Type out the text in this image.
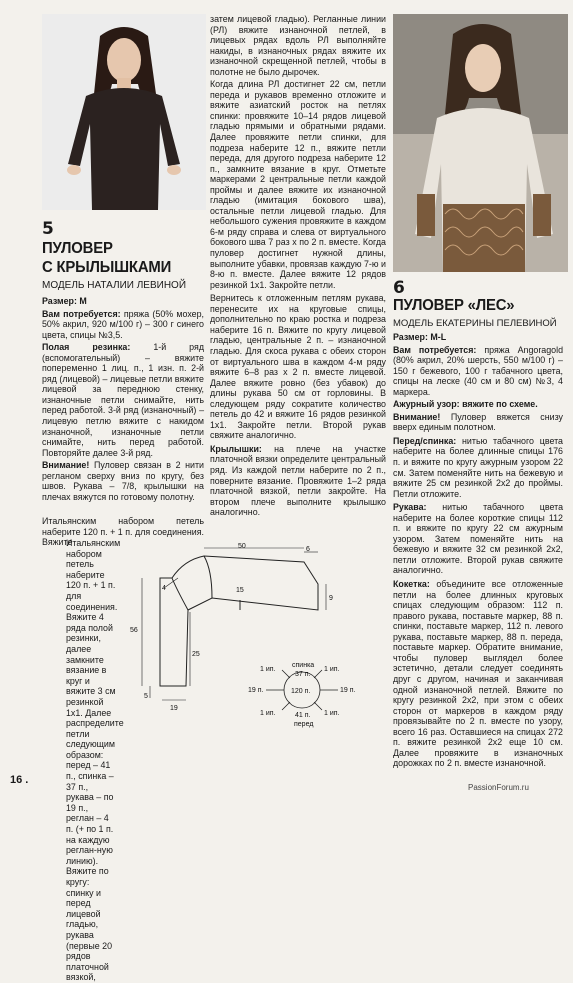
5
ПУЛОВЕР
С КРЫЛЫШКАМИ
МОДЕЛЬ НАТАЛИИ ЛЕВИНОЙ

Размер: М

Вам потребуется: пряжа (50% мохер, 50% акрил, 920 м/100 г) – 300 г синего цвета, спицы №3,5.

Полая резинка:	1-й ряд (вспомогательный) – вяжите попеременно 1 лиц. п., 1 изн. п. 2-й ряд (лицевой) – лицевые петли вяжите лицевой за переднюю стенку, изнаночные петли снимайте, нить перед работой. 3-й ряд (изнаночный) – лицевую петлю вяжите с накидом изнаночной, изнаночные петли снимайте, нить перед работой. Повторяйте далее 3-й ряд.

Внимание! Пуловер связан в 2 нити регланом сверху вниз по кругу, без швов. Рукава – 7/8, крылышки на плечах вяжутся по готовому полотну.

Итальянским набором петель наберите 120 п. + 1 п. для соединения. Вяжите
Итальянским набором петель наберите 120 п. + 1 п. для соединения. Вяжите 4 ряда полой резинки, далее замкните вязание в круг и вяжите 3 см резинкой 1х1. Далее распределите петли следующим образом: перед – 41 п., спинка – 37 п., рукава – по 19 п., реглан – 4 п. (+ по 1 п. на каждую реглан-ную линию). Вяжите по кругу: спинку и перед лицевой гладью, рукава (первые 20 рядов платочной вязкой,

затем лицевой гладью). Регланные линии (РЛ) вяжите изнаночной петлей, в лицевых рядах вдоль РЛ выполняйте накиды, в изнаночных рядах вяжите их изнаночной скрещенной петлей, чтобы в полотне не было дырочек.

Когда длина РЛ достигнет 22 см, петли переда и рукавов временно отложите и вяжите азиатский росток на петлях спинки: провяжите 10–14 рядов лицевой гладью прямыми и обратными рядами. Далее провяжите петли спинки, для подреза наберите 12 п., вяжите петли переда, для другого подреза наберите 12 п., замкните вязание в круг. Отметьте маркерами 2 центральные петли каждой проймы и далее вяжите их изнаночной гладью (имитация бокового шва), остальные петли лицевой гладью. Для небольшого сужения провяжите в каждом 6-м ряду справа и слева от виртуального бокового шва 7 раз х по 2 п. вместе. Когда пуловер достигнет нужной длины, выполните убавки, провязав каждую 7-ю и 8-ю п. вместе. Далее вяжите 12 рядов резинкой 1х1. Закройте петли.

Вернитесь к отложенным петлям рукава, перенесите их на круговые спицы, дополнительно по краю ростка и подреза наберите 16 п. Вяжите по кругу лицевой гладью, центральные 2 п. – изнаночной гладью. Для скоса рукава с обеих сторон от виртуального шва в каждом 4-м ряду вяжите 6–8 раз х 2 п. вместе лицевой. Далее вяжите ровно (без убавок) до длины рукава 50 см от горловины. В следующем ряду сократите количество петель до 42 и вяжите 16 рядов резинкой 1х1. Закройте петли. Второй рукав свяжите аналогично.

Крылышки: на плече на участке платочной вязки определите центральный ряд. Из каждой петли наберите по 2 п., поверните вязание. Провяжите 1–2 ряда платочной вязкой, петли закройте. На втором плече выполните крылышко аналогично.

50	6
4	15
9
56
25
5
19
спинка
37 п.
120 п.
41 п.
перед
1 ип.	1 ип.
1 ип.	1 ип.
19 п.	19 п.
6
ПУЛОВЕР «ЛЕС»
МОДЕЛЬ ЕКАТЕРИНЫ ПЕЛЕВИНОЙ

Размер: M-L

Вам потребуется: пряжа Angoragold (80% акрил, 20% шерсть, 550 м/100 г) – 150 г бежевого, 100 г табачного цвета, спицы на леске (40 см и 80 см) №3, 4 маркера.

Ажурный узор: вяжите по схеме.

Внимание! Пуловер вяжется снизу вверх единым полотном.

Перед/спинка: нитью табачного цвета наберите на более длинные спицы 176 п. и вяжите по кругу ажурным узором 22 см. Затем поменяйте нить на бежевую и вяжите 25 см резинкой 2х2 до проймы. Петли отложите.

Рукава: нитью табачного цвета наберите на более короткие спицы 112 п. и вяжите по кругу 22 см ажурным узором. Затем поменяйте нить на бежевую и вяжите 32 см резинкой 2х2, петли отложите. Второй рукав свяжите аналогично.

Кокетка: объедините все отложенные петли на более длинных круговых спицах следующим образом: 112 п. правого рукава, поставьте маркер, 88 п. спинки, поставьте маркер, 112 п. левого рукава, поставьте маркер, 88 п. переда, поставьте маркер. Обратите внимание, чтобы пуловер выглядел более эстетично, детали следует соединять друг с другом, начиная и заканчивая одной изнаночной петлей. Вяжите по кругу резинкой 2х2, при этом с обеих сторон от маркеров в каждом ряду провязывайте по 2 п. вместе по узору, всего 16 раз. Оставшиеся на спицах 272 п. вяжите резинкой 2х2 еще 10 см. Далее провяжите в изнаночных дорожках по 2 п. вместе изнаночной.

16 .
PassionForum.ru
